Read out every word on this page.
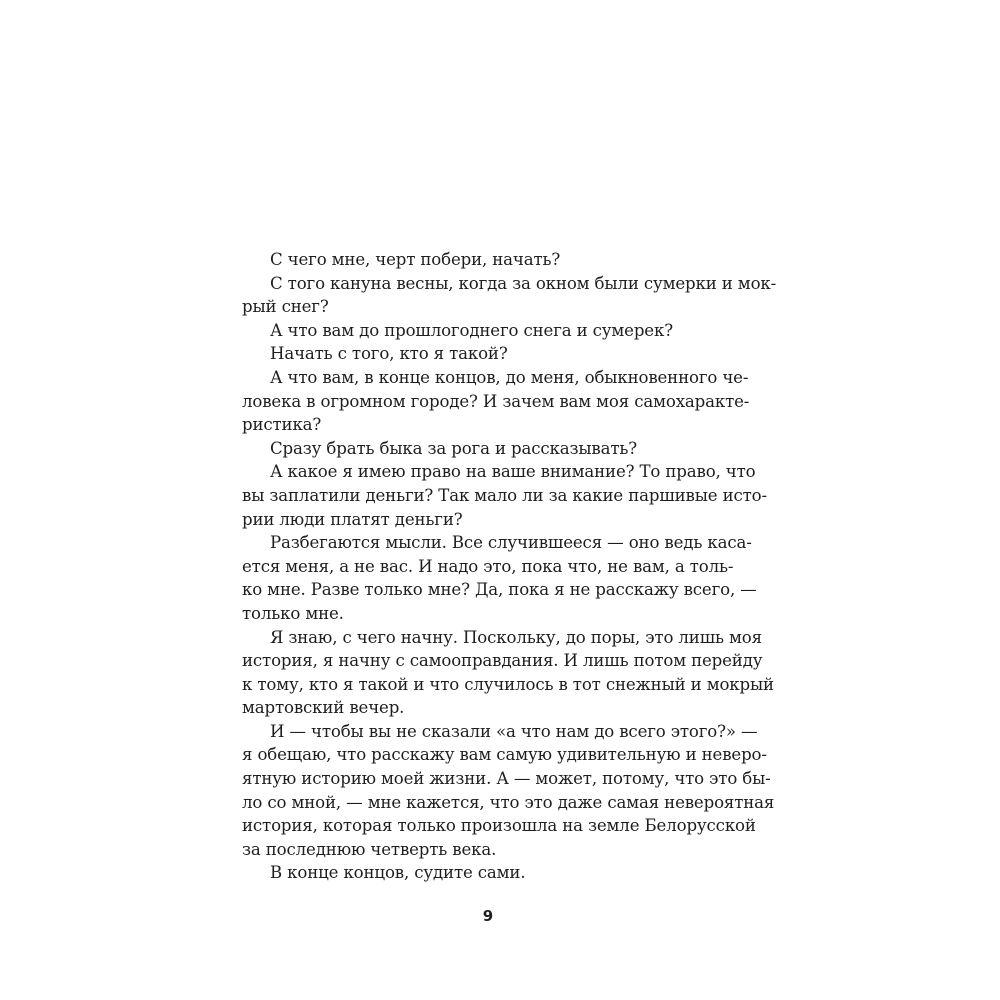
С чего мне, черт побери, начать?

С того кануна весны, когда за окном были сумерки и мок-
рый снег?

А что вам до прошлогоднего снега и сумерек?

Начать с того, кто я такой?

А что вам, в конце концов, до меня, обыкновенного че-
ловека в огромном городе? И зачем вам моя самохарактe-
ристика?

Сразу брать быка за рога и рассказывать?

А какое я имею право на ваше внимание? То право, что
вы заплатили деньги? Так мало ли за какие паршивые исто-
рии люди платят деньги?

Разбегаются мысли. Все случившееся — оно ведь каса-
ется меня, а не вас. И надо это, пока что, не вам, а толь-
ко мне. Разве только мне? Да, пока я не расскажу всего, —
только мне.

Я знаю, с чего начну. Поскольку, до поры, это лишь моя
история, я начну с самооправдания. И лишь потом перейду
к тому, кто я такой и что случилось в тот снежный и мокрый
мартовский вечер.

И — чтобы вы не сказали «а что нам до всего этого?» —
я обещаю, что расскажу вам самую удивительную и неверо-
ятную историю моей жизни. А — может, потому, что это бы-
ло со мной, — мне кажется, что это даже самая невероятная
история, которая только произошла на земле Белорусской
за последнюю четверть века.

В конце концов, судите сами.

9
